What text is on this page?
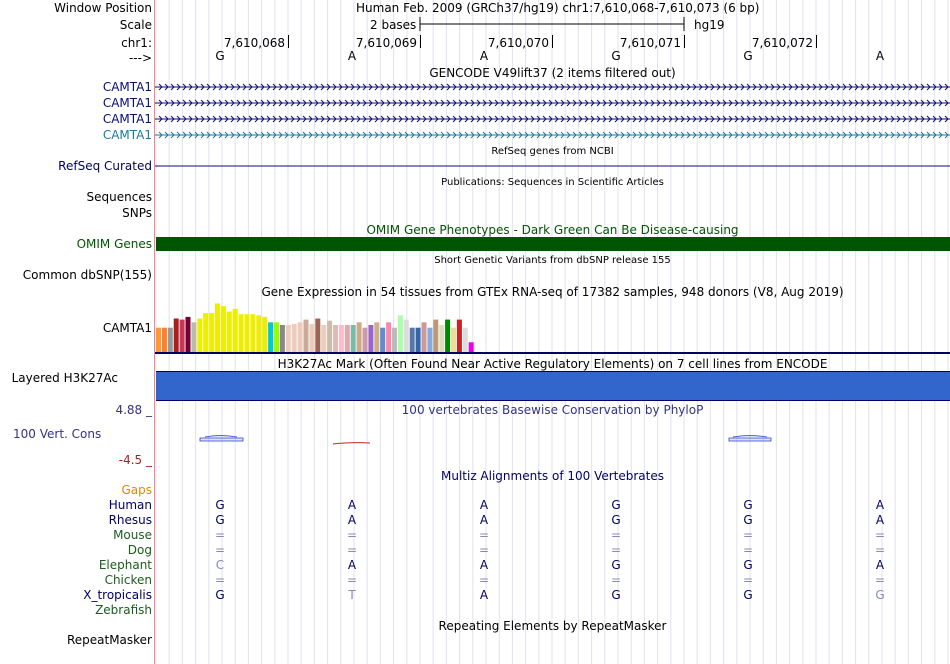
Window Position	Human Feb. 2009 (GRCh37/hg19) chr1:7,610,068-7,610,073 (6 bp)
Scale	2 bases	hg19
chr1:	7,610,068	7,610,069	7,610,070	7,610,071	7,610,072
--->	G	A	A	G	G	A
GENCODE V49lift37 (2 items filtered out)
CAMTA1
CAMTA1
CAMTA1
CAMTA1
RefSeq Curated
RefSeq genes from NCBI
Publications: Sequences in Scientific Articles
Sequences
SNPs
OMIM Gene Phenotypes - Dark Green Can Be Disease-causing
OMIM Genes
Short Genetic Variants from dbSNP release 155
Common dbSNP(155)
Gene Expression in 54 tissues from GTEx RNA-seq of 17382 samples, 948 donors (V8, Aug 2019)
CAMTA1
H3K27Ac Mark (Often Found Near Active Regulatory Elements) on 7 cell lines from ENCODE
Layered H3K27Ac
4.88 _	100 vertebrates Basewise Conservation by PhyloP
100 Vert. Cons
-4.5 _
Multiz Alignments of 100 Vertebrates
Gaps
Human	G	A	A	G	G	A
Rhesus	G	A	A	G	G	A
Mouse	=	=	=	=	=	=
Dog	=	=	=	=	=	=
Elephant	C	A	A	G	G	A
Chicken	=	=	=	=	=	=
X_tropicalis	G	T	A	G	G	G
Zebrafish
Repeating Elements by RepeatMasker
RepeatMasker
